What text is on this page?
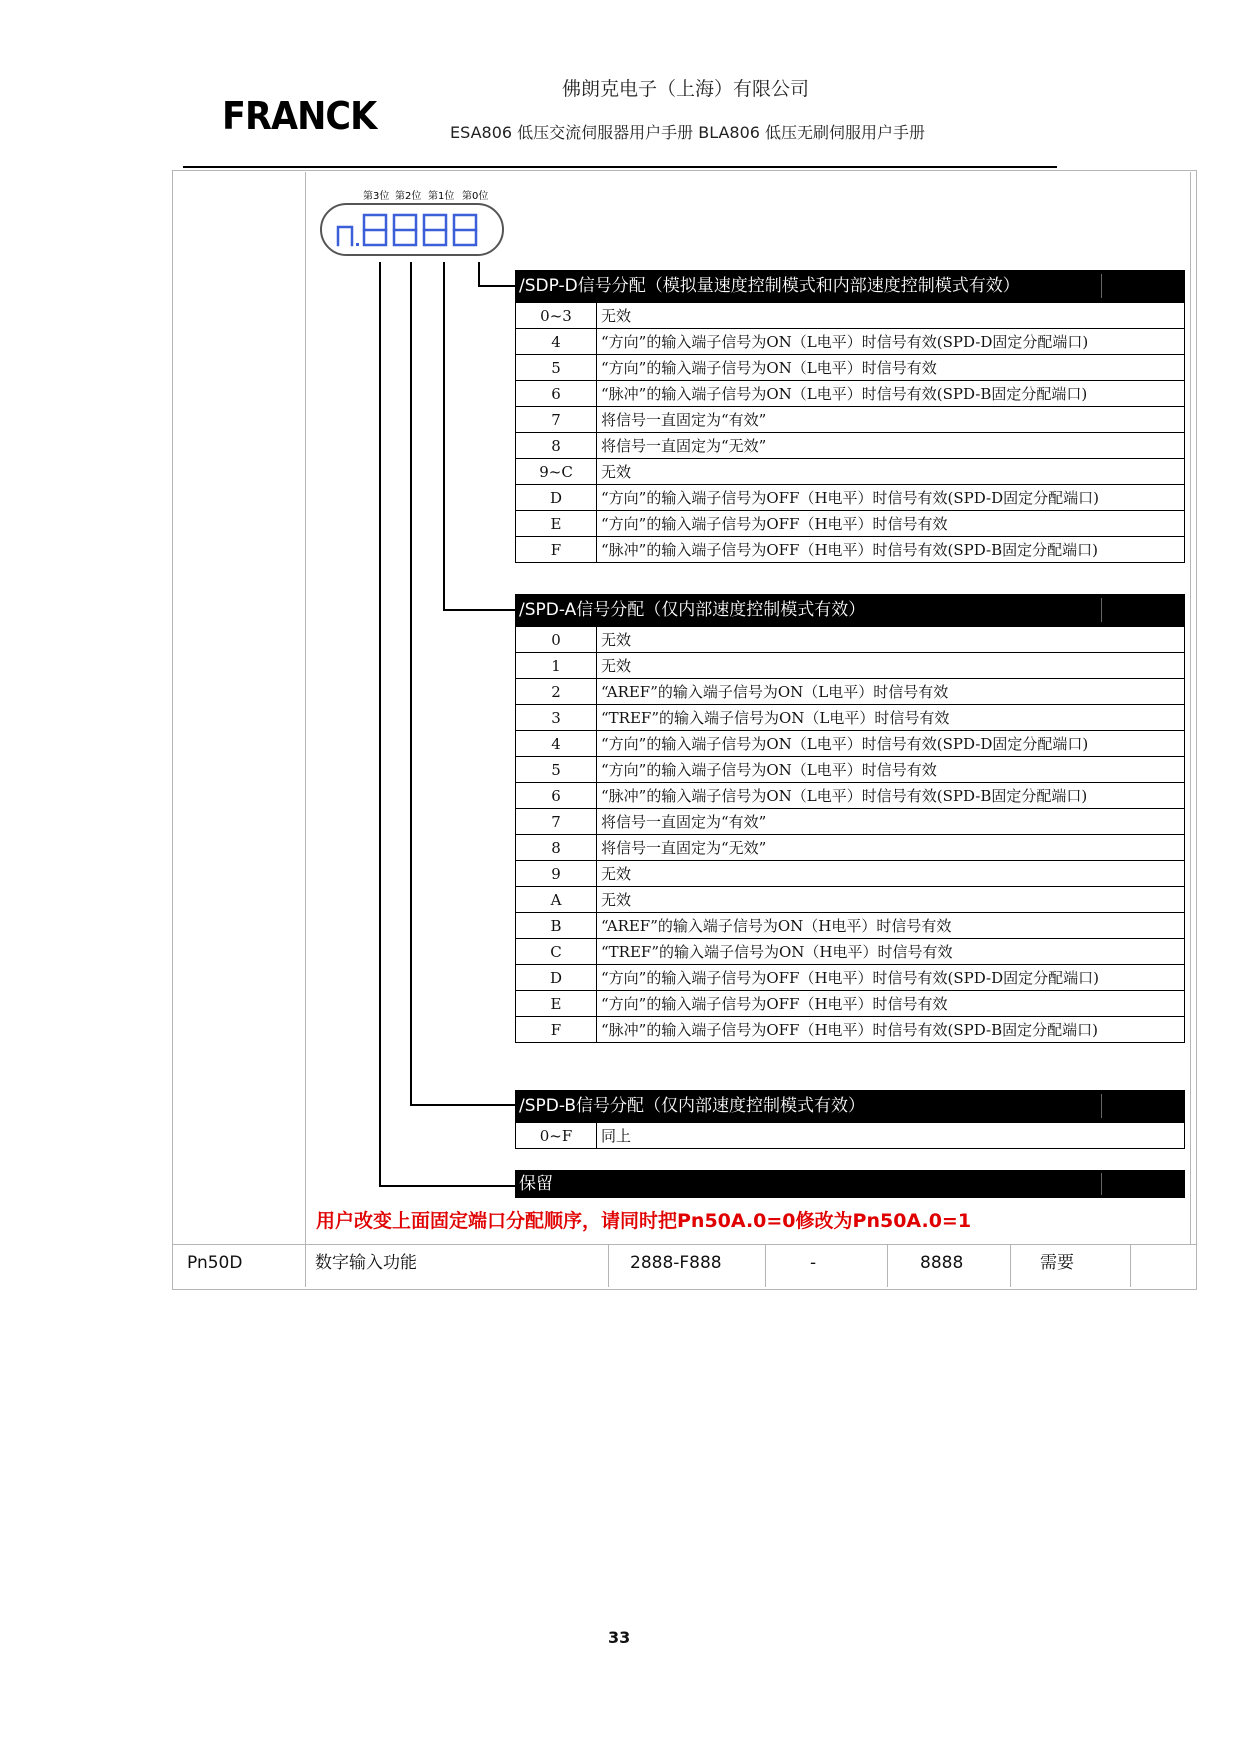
FRANCK
佛朗克电子（上海）有限公司
ESA806 低压交流伺服器用户手册 BLA806 低压无刷伺服用户手册
第3位 第2位 第1位 第0位
/SDP-D信号分配（模拟量速度控制模式和内部速度控制模式有效）
0~3	无效
4	“方向”的输入端子信号为ON（L电平）时信号有效(SPD-D固定分配端口)
5	“方向”的输入端子信号为ON（L电平）时信号有效
6	“脉冲”的输入端子信号为ON（L电平）时信号有效(SPD-B固定分配端口)
7	将信号一直固定为“有效”
8	将信号一直固定为“无效”
9~C	无效
D	“方向”的输入端子信号为OFF（H电平）时信号有效(SPD-D固定分配端口)
E	“方向”的输入端子信号为OFF（H电平）时信号有效
F	“脉冲”的输入端子信号为OFF（H电平）时信号有效(SPD-B固定分配端口)
/SPD-A信号分配（仅内部速度控制模式有效）
0	无效
1	无效
2	“AREF”的输入端子信号为ON（L电平）时信号有效
3	“TREF”的输入端子信号为ON（L电平）时信号有效
4	“方向”的输入端子信号为ON（L电平）时信号有效(SPD-D固定分配端口)
5	“方向”的输入端子信号为ON（L电平）时信号有效
6	“脉冲”的输入端子信号为ON（L电平）时信号有效(SPD-B固定分配端口)
7	将信号一直固定为“有效”
8	将信号一直固定为“无效”
9	无效
A	无效
B	“AREF”的输入端子信号为ON（H电平）时信号有效
C	“TREF”的输入端子信号为ON（H电平）时信号有效
D	“方向”的输入端子信号为OFF（H电平）时信号有效(SPD-D固定分配端口)
E	“方向”的输入端子信号为OFF（H电平）时信号有效
F	“脉冲”的输入端子信号为OFF（H电平）时信号有效(SPD-B固定分配端口)
/SPD-B信号分配（仅内部速度控制模式有效）
0~F	同上
保留
用户改变上面固定端口分配顺序，请同时把Pn50A.0=0修改为Pn50A.0=1
Pn50D	数字输入功能	2888-F888	-	8888	需要
33
